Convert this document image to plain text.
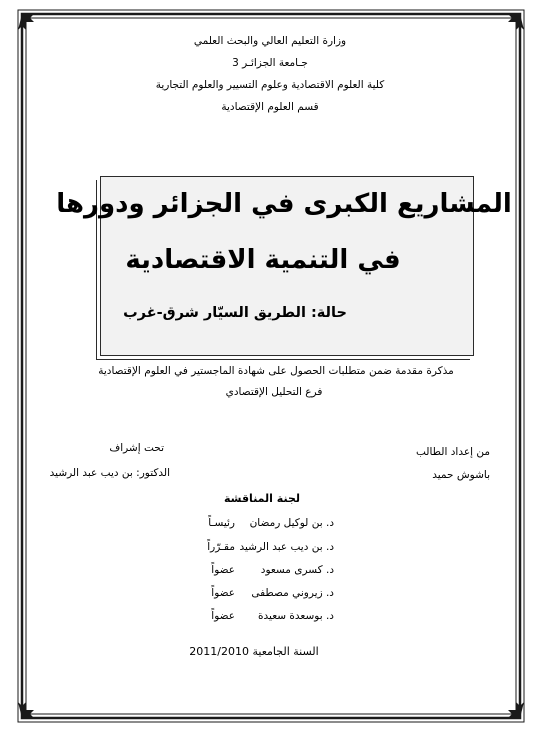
وزارة التعليم العالي والبحث العلمي
جـامعة الجزائـر 3
كلية العلوم الاقتصادية وعلوم التسيير والعلوم التجارية
قسم العلوم الإقتصادية
المشاريع الكبرى في الجزائر ودورها
في التنمية الاقتصادية
حالة: الطريق السيّار شرق-غرب
مذكرة مقدمة ضمن متطلبات الحصول على شهادة الماجستير في العلوم الإقتصادية
فرع التحليل الإقتصادي
من إعداد الطالب
باشوش حميد
تحت إشراف
الدكتور: بن ديب عبد الرشيد
لجنة المناقشة
د. بن لوكيل رمضان
رئيسـاً
د. بن ديب عبد الرشيد
مقـرّراً
د. كسرى مسعود
عضواً
د. زيروني مصطفى
عضواً
د. بوسعدة سعيدة
عضواً
السنة الجامعية 2011/2010
